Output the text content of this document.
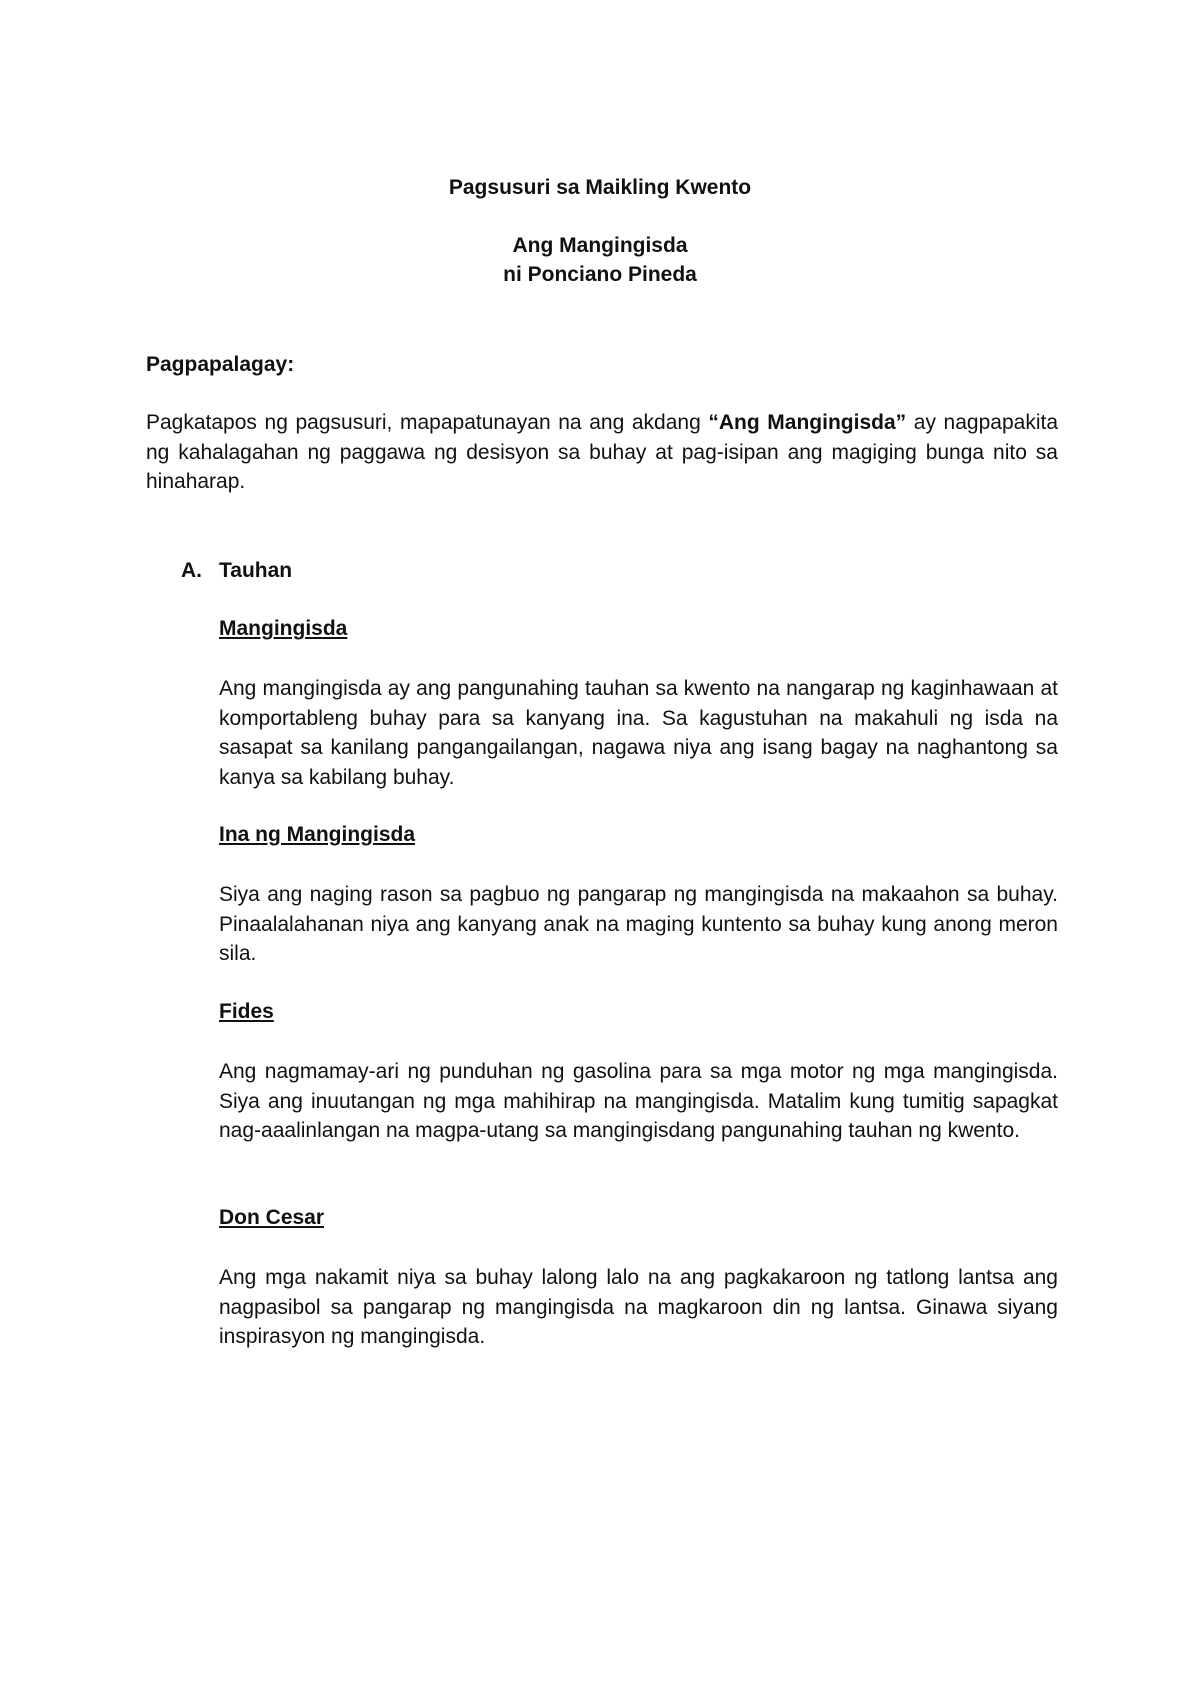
Pagsusuri sa Maikling Kwento

Ang Mangingisda

ni Ponciano Pineda

Pagpapalagay:

Pagkatapos ng pagsusuri, mapapatunayan na ang akdang “Ang Mangingisda” ay nagpapakita ng kahalagahan ng paggawa ng desisyon sa buhay at pag-isipan ang magiging bunga nito sa hinaharap.

A. Tauhan

Mangingisda

Ang mangingisda ay ang pangunahing tauhan sa kwento na nangarap ng kaginhawaan at komportableng buhay para sa kanyang ina. Sa kagustuhan na makahuli ng isda na sasapat sa kanilang pangangailangan, nagawa niya ang isang bagay na naghantong sa kanya sa kabilang buhay.

Ina ng Mangingisda

Siya ang naging rason sa pagbuo ng pangarap ng mangingisda na makaahon sa buhay. Pinaalalahanan niya ang kanyang anak na maging kuntento sa buhay kung anong meron sila.

Fides

Ang nagmamay-ari ng punduhan ng gasolina para sa mga motor ng mga mangingisda. Siya ang inuutangan ng mga mahihirap na mangingisda. Matalim kung tumitig sapagkat nag-aaalinlangan na magpa-utang sa mangingisdang pangunahing tauhan ng kwento.

Don Cesar

Ang mga nakamit niya sa buhay lalong lalo na ang pagkakaroon ng tatlong lantsa ang nagpasibol sa pangarap ng mangingisda na magkaroon din ng lantsa. Ginawa siyang inspirasyon ng mangingisda.
